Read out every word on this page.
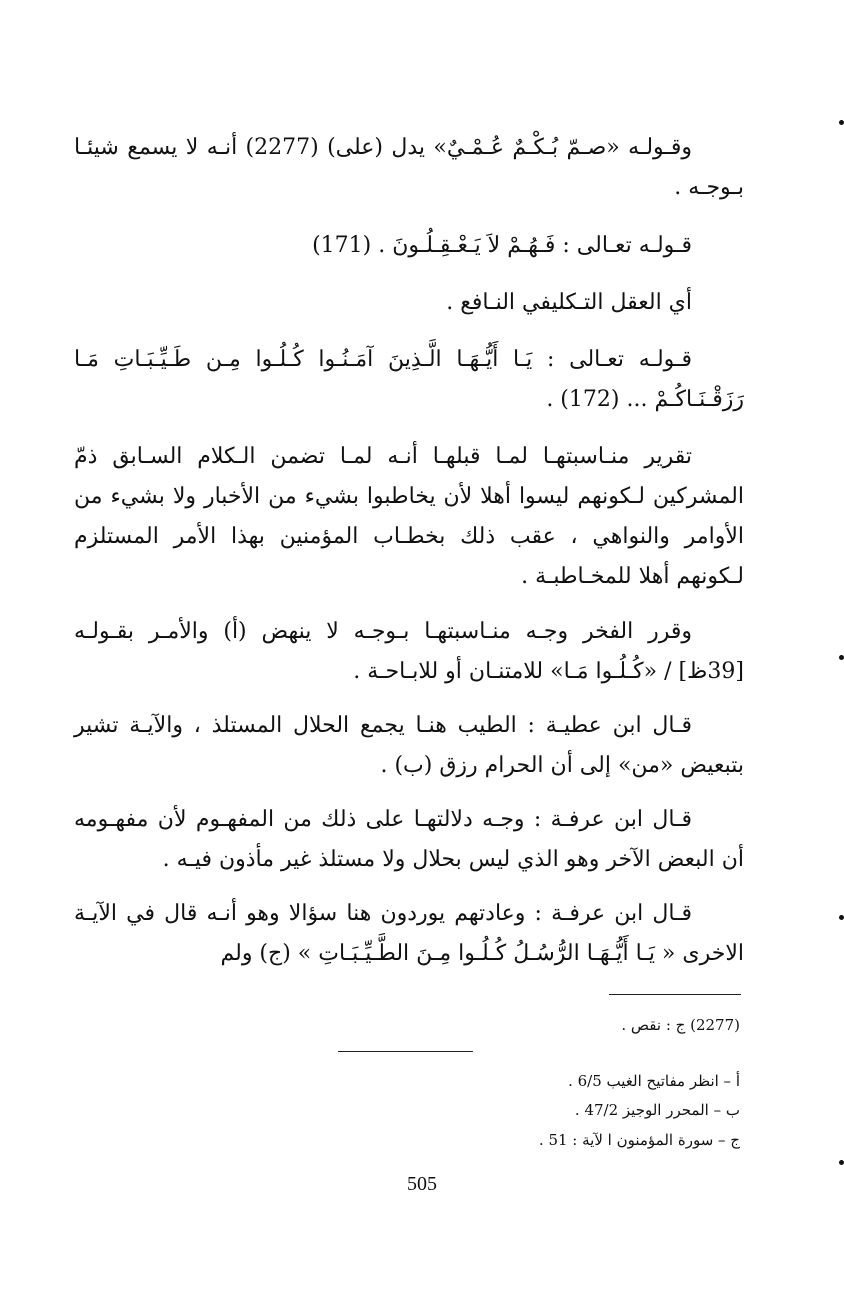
وقـولـه «صـمّ بُـكْـمٌ عُـمْـيٌ» يدل (على) (2277) أنـه لا يسمع شيئـا بـوجـه .

قـولـه تعـالى : فَـهُـمْ لاَ يَـعْـقِـلُـونَ . (171)

أي العقل التـكليفي النـافع .

قـولـه تعـالى : يَـا أَيُّـهَـا الَّـذِينَ آمَـنُـوا كُـلُـوا مِـن طَـيِّـبَـاتِ مَـا رَزَقْـنَـاكُـمْ ... (172) .

تقرير منـاسبتهـا لمـا قبلهـا أنـه لمـا تضمن الـكلام السـابق ذمّ المشركين لـكونهم ليسوا أهلا لأن يخاطبوا بشيء من الأخبار ولا بشيء من الأوامر والنواهي ، عقب ذلك بخطـاب المؤمنين بهذا الأمر المستلزم لـكونهم أهلا للمخـاطبـة .

وقرر الفخر وجـه منـاسبتهـا بـوجـه لا ينهض (أ) والأمـر بقـولـه [39ظ] / «كُـلُـوا مَـا» للامتنـان أو للابـاحـة .

قـال ابن عطيـة : الطيب هنـا يجمع الحلال المستلذ ، والآيـة تشير بتبعيض «من» إلى أن الحرام رزق (ب) .

قـال ابن عرفـة : وجـه دلالتهـا على ذلك من المفهـوم لأن مفهـومه أن البعض الآخر وهو الذي ليس بحلال ولا مستلذ غير مأذون فيـه .

قـال ابن عرفـة : وعادتهم يوردون هنا سؤالا وهو أنـه قال في الآيـة الاخرى « يَـا أَيُّـهَـا الرُّسُـلُ كُـلُـوا مِـنَ الطَّـيِّـبَـاتِ » (ج) ولم

(2277) ج : نقص .

أ – انظر مفاتيح الغيب 6/5 .

ب – المحرر الوجيز 47/2 .

ج – سورة المؤمنون ا لآية : 51 .

505
